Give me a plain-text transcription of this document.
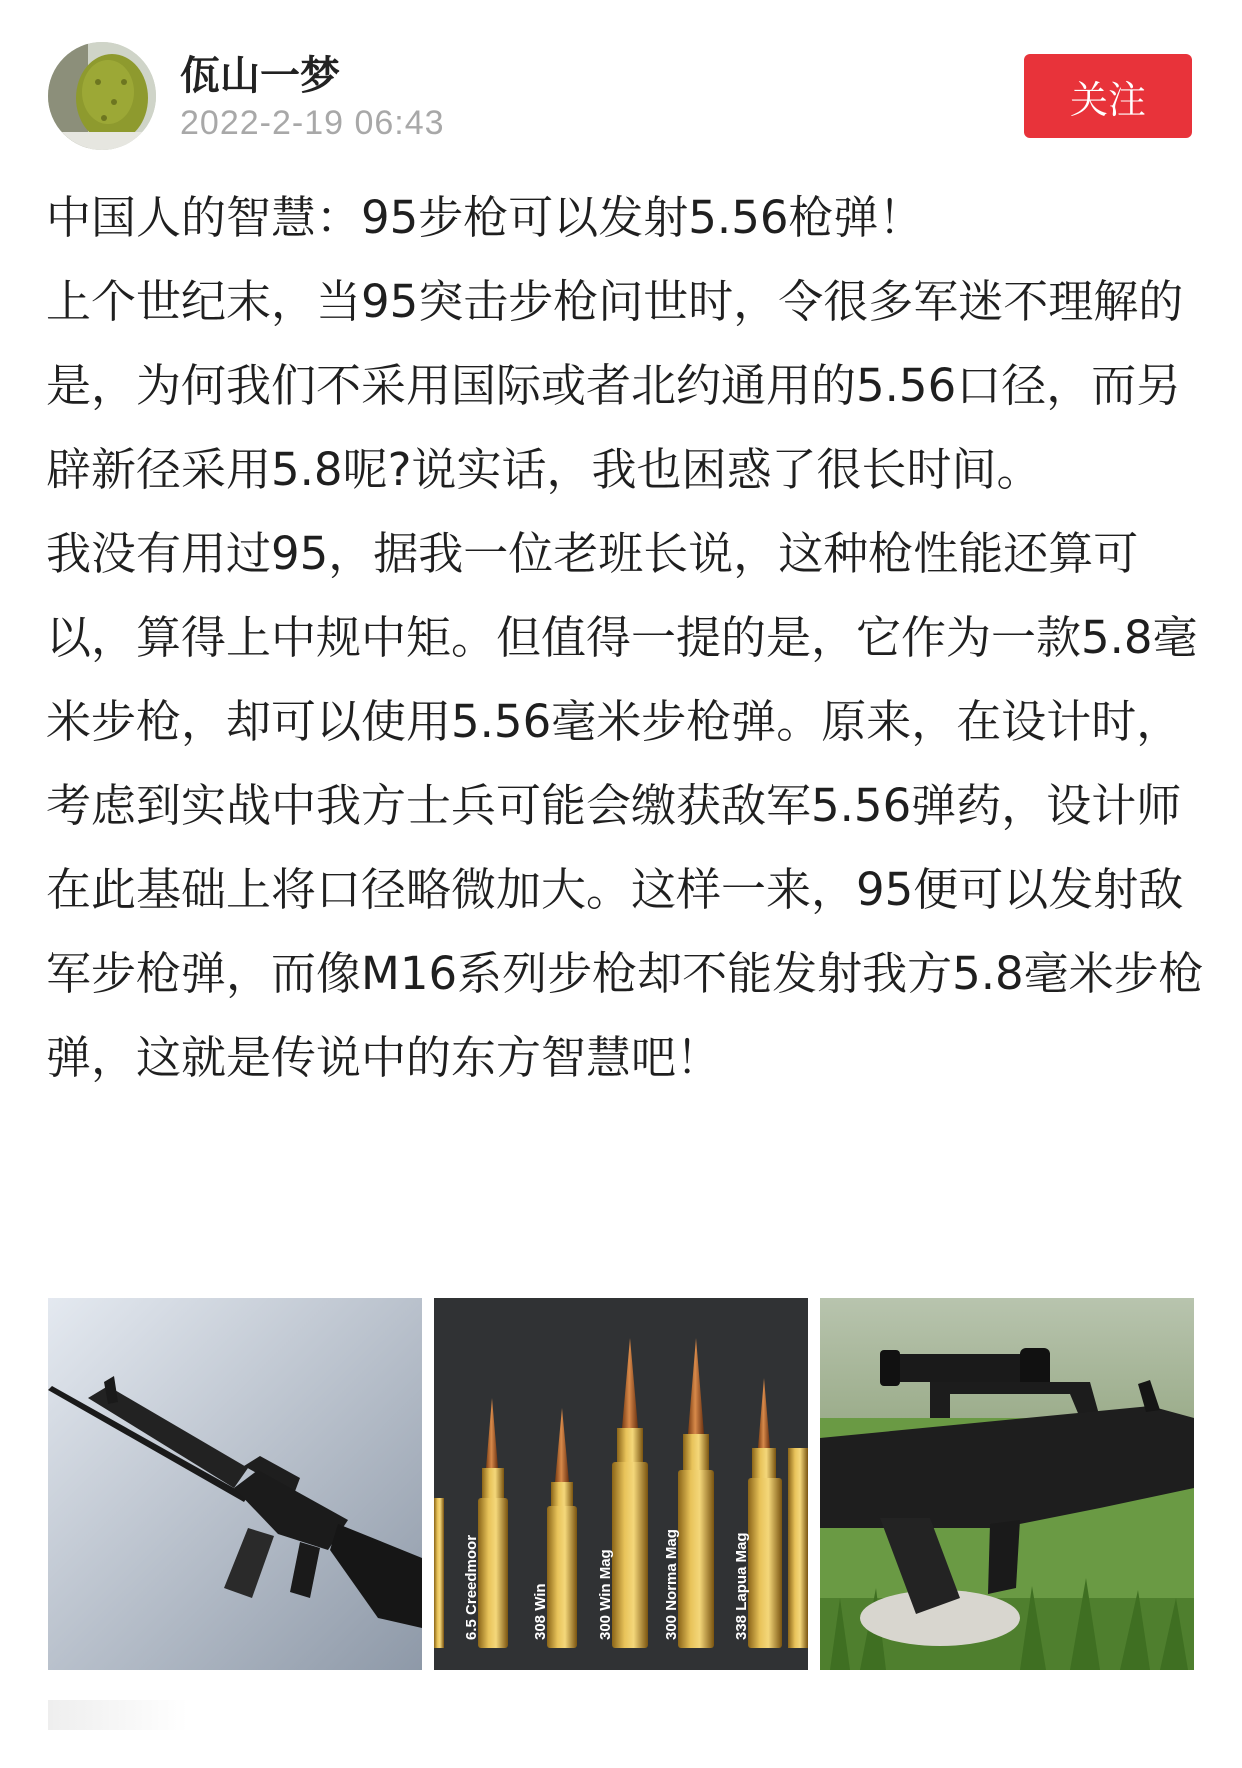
佤山一梦
2022-2-19 06:43
关注

中国人的智慧：95步枪可以发射5.56枪弹！

上个世纪末，当95突击步枪问世时，令很多军迷不理解的是，为何我们不采用国际或者北约通用的5.56口径，而另辟新径采用5.8呢?说实话，我也困惑了很长时间。

我没有用过95，据我一位老班长说，这种枪性能还算可以，算得上中规中矩。但值得一提的是，它作为一款5.8毫米步枪，却可以使用5.56毫米步枪弹。原来，在设计时，考虑到实战中我方士兵可能会缴获敌军5.56弹药，设计师在此基础上将口径略微加大。这样一来，95便可以发射敌军步枪弹，而像M16系列步枪却不能发射我方5.8毫米步枪弹，这就是传说中的东方智慧吧！

6.5 Creedmoor	308 Win	300 Win Mag	300 Norma Mag	338 Lapua Mag
